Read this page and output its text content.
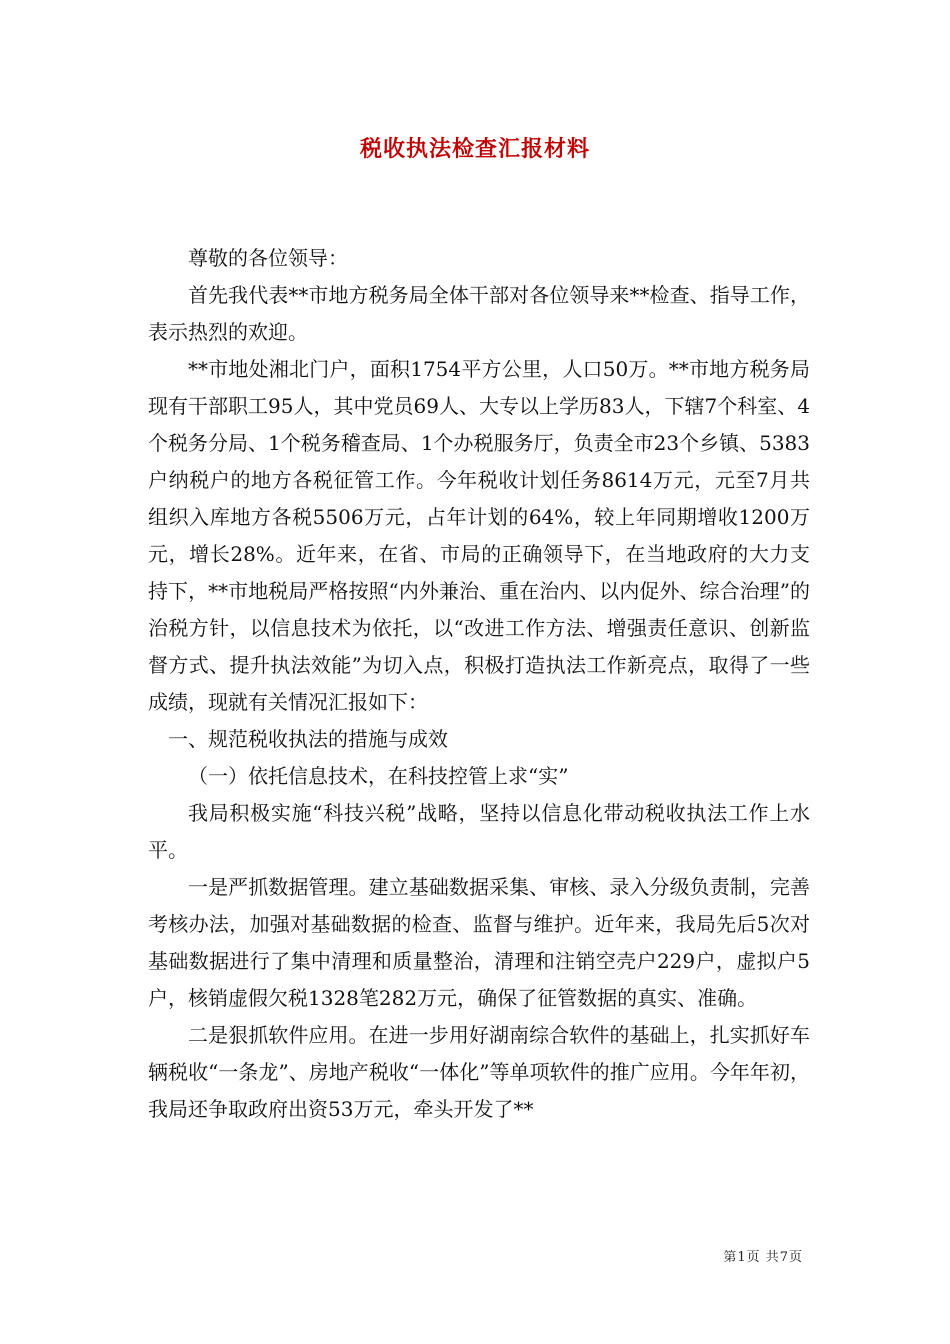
税收执法检查汇报材料

尊敬的各位领导：

首先我代表**市地方税务局全体干部对各位领导来**检查、指导工作，表示热烈的欢迎。

**市地处湘北门户，面积1754平方公里，人口50万。**市地方税务局现有干部职工95人，其中党员69人、大专以上学历83人，下辖7个科室、4个税务分局、1个税务稽查局、1个办税服务厅，负责全市23个乡镇、5383户纳税户的地方各税征管工作。今年税收计划任务8614万元，元至7月共组织入库地方各税5506万元，占年计划的64%，较上年同期增收1200万元，增长28%。近年来，在省、市局的正确领导下，在当地政府的大力支持下，**市地税局严格按照“内外兼治、重在治内、以内促外、综合治理”的治税方针，以信息技术为依托，以“改进工作方法、增强责任意识、创新监督方式、提升执法效能”为切入点，积极打造执法工作新亮点，取得了一些成绩，现就有关情况汇报如下：

一、规范税收执法的措施与成效

（一）依托信息技术，在科技控管上求“实”

我局积极实施“科技兴税”战略，坚持以信息化带动税收执法工作上水平。

一是严抓数据管理。建立基础数据采集、审核、录入分级负责制，完善考核办法，加强对基础数据的检查、监督与维护。近年来，我局先后5次对基础数据进行了集中清理和质量整治，清理和注销空壳户229户，虚拟户5户，核销虚假欠税1328笔282万元，确保了征管数据的真实、准确。

二是狠抓软件应用。在进一步用好湖南综合软件的基础上，扎实抓好车辆税收“一条龙”、房地产税收“一体化”等单项软件的推广应用。今年年初，我局还争取政府出资53万元，牵头开发了**

第1页 共7页
